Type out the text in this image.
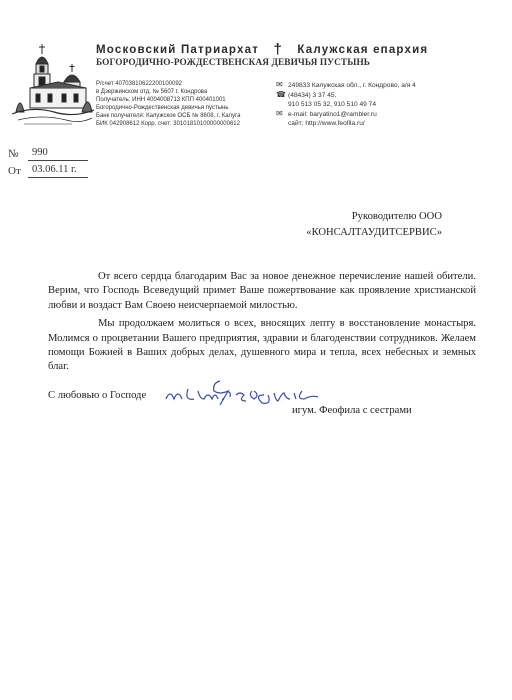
Московский Патриархат † Калужская епархия
БОГОРОДИЧНО-РОЖДЕСТВЕНСКАЯ ДЕВИЧЬЯ ПУСТЫНЬ
Р/счет 40703810622200100092
в Дзержинском отд. № 5607 г. Кондрова
Получатель: ИНН 4004008713 КПП 400401001
Богородично-Рождественская девичья пустынь
Банк получателя: Калужское ОСБ № 8608, г. Калуга
БИК 042908612 Корр. счет: 30101810100000000612
✉ 249833 Калужская обл., г. Кондрово, а/я 4
☎ (48434) 3 37 45,
910 513 05 32, 910 510 49 74
✉ e-mail: baryatino1@rambler.ru
сайт: http://www.feofila.ru/
№ 990
От 03.06.11 г.
Руководителю ООО
«КОНСАЛТАУДИТСЕРВИС»

От всего сердца благодарим Вас за новое денежное перечисление нашей обители. Верим, что Господь Всеведущий примет Ваше пожертвование как проявление христианской любви и воздаст Вам Своею неисчерпаемой милостью.

Мы продолжаем молиться о всех, вносящих лепту в восстановление монастыря. Молимся о процветании Вашего предприятия, здравии и благоденствии сотрудников. Желаем помощи Божией в Ваших добрых делах, душевного мира и тепла, всех небесных и земных благ.

С любовью о Господе
игум. Феофила
игум. Феофила с сестрами
